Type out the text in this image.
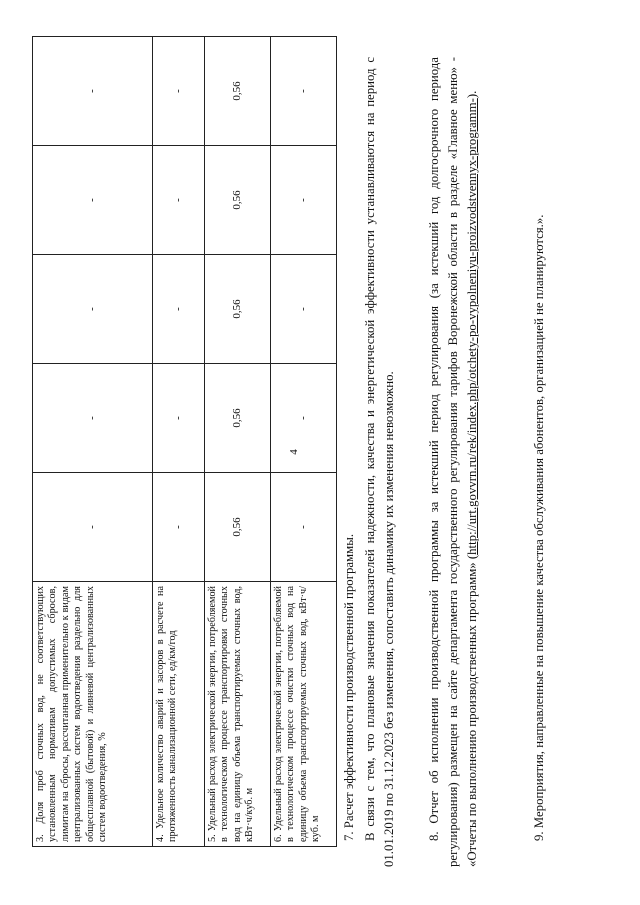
3. Доля проб сточных вод, не соответствующих установленным нормативам допустимых сбросов, лимитам на сбросы, рассчитанная применительно к видам централизованных систем водоотведения раздельно для общесплавной (бытовой) и ливневой централизованных систем водоотведения, %	-	-	-	-	-
4. Удельное количество аварий и засоров в расчете на протяженность канализационной сети, ед/км/год	-	-	-	-	-
5. Удельный расход электрической энергии, потребляемой в технологическом процессе транспортировки сточных вод на единицу объема транспортируемых сточных вод, кВт·ч/куб. м	0,56	0,56	0,56	0,56	0,56
6. Удельный расход электрической энергии, потребляемой в технологическом процессе очистки сточных вод на единицу объема транспортируемых сточных вод, кВт·ч/куб. м	-	-	-	-	-
4
7. Расчет эффективности производственной программы. В связи с тем, что плановые значения показателей надежности, качества и энергетической эффективности устанавливаются на период с 01.01.2019 по 31.12.2023 без изменения, сопоставить динамику их изменения невозможно. 8. Отчет об исполнении производственной программы за истекший период регулирования (за истекший год долгосрочного периода регулирования) размещен на сайте департамента государственного регулирования тарифов Воронежской области в разделе «Главное меню» - «Отчеты по выполнению производственных программ» (http://urt.govvrn.ru/rek/index.php/otchety-po-vypolneniyu-proizvodstvennyx-programm-).
9. Мероприятия, направленные на повышение качества обслуживания абонентов, организацией не планируются.».
